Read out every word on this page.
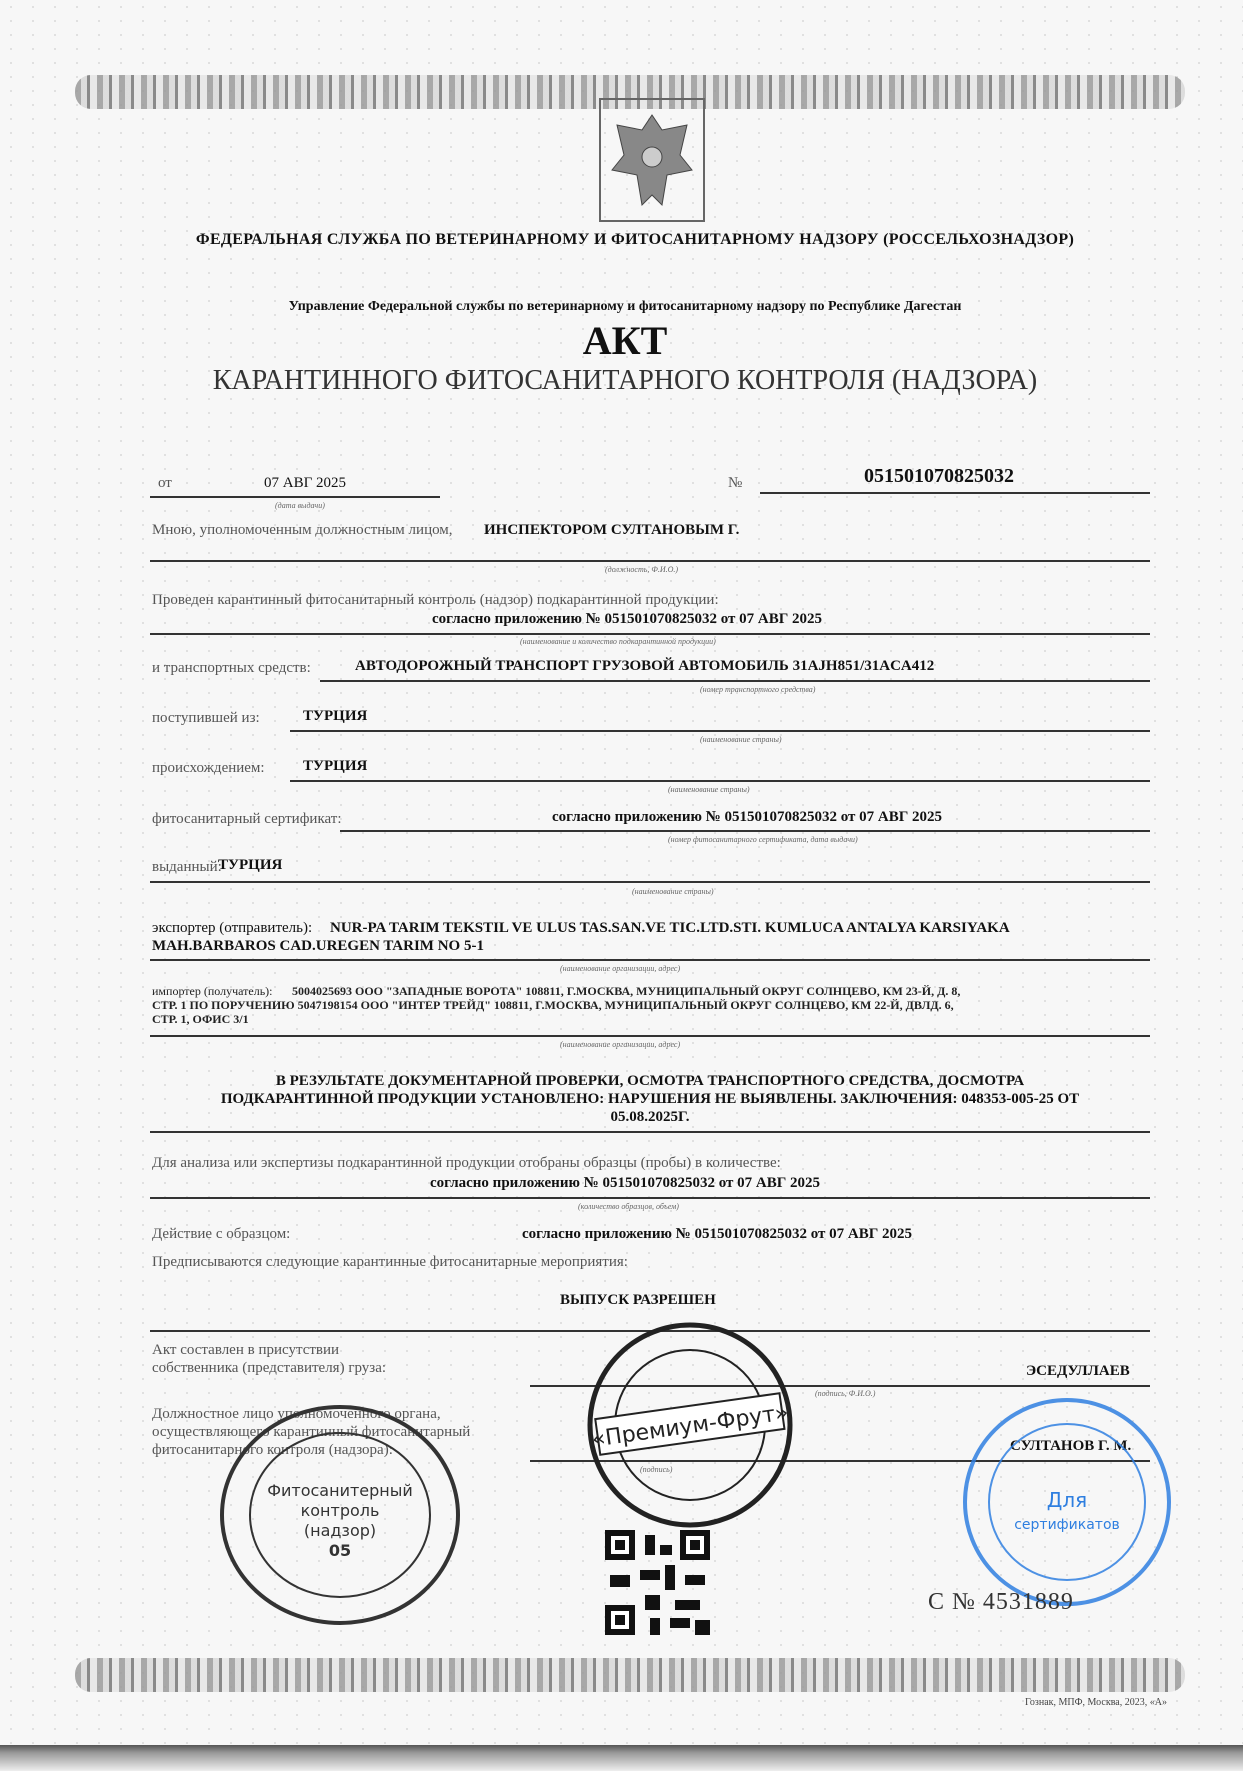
ФЕДЕРАЛЬНАЯ СЛУЖБА ПО ВЕТЕРИНАРНОМУ И ФИТОСАНИТАРНОМУ НАДЗОРУ (РОССЕЛЬХОЗНАДЗОР)
Управление Федеральной службы по ветеринарному и фитосанитарному надзору по Республике Дагестан
АКТ
КАРАНТИННОГО ФИТОСАНИТАРНОГО КОНТРОЛЯ (НАДЗОРА)
от	07 АВГ 2025
(дата выдачи)
№	051501070825032
Мною, уполномоченным должностным лицом, ИНСПЕКТОРОМ СУЛТАНОВЫМ Г.
(должность, Ф.И.О.)
Проведен карантинный фитосанитарный контроль (надзор) подкарантинной продукции:
согласно приложению № 051501070825032 от 07 АВГ 2025
(наименование и количество подкарантинной продукции)
и транспортных средств:	АВТОДОРОЖНЫЙ ТРАНСПОРТ ГРУЗОВОЙ АВТОМОБИЛЬ 31AJH851/31ACA412
(номер транспортного средства)
поступившей из:	ТУРЦИЯ
(наименование страны)
происхождением:	ТУРЦИЯ
(наименование страны)
фитосанитарный сертификат:	согласно приложению № 051501070825032 от 07 АВГ 2025
(номер фитосанитарного сертификата, дата выдачи)
выданный:
ТУРЦИЯ
(наименование страны)
экспортер (отправитель): NUR-PA TARIM TEKSTIL VE ULUS TAS.SAN.VE TIC.LTD.STI. KUMLUCA ANTALYA KARSIYAKA
MAH.BARBAROS CAD.UREGEN TARIM NO 5-1
(наименование организации, адрес)
импортер (получатель): 5004025693 ООО "ЗАПАДНЫЕ ВОРОТА" 108811, Г.МОСКВА, МУНИЦИПАЛЬНЫЙ ОКРУГ СОЛНЦЕВО, КМ 23-Й, Д. 8,
СТР. 1 ПО ПОРУЧЕНИЮ 5047198154 ООО "ИНТЕР ТРЕЙД" 108811, Г.МОСКВА, МУНИЦИПАЛЬНЫЙ ОКРУГ СОЛНЦЕВО, КМ 22-Й, ДВЛД. 6,
СТР. 1, ОФИС 3/1
(наименование организации, адрес)
В РЕЗУЛЬТАТЕ ДОКУМЕНТАРНОЙ ПРОВЕРКИ, ОСМОТРА ТРАНСПОРТНОГО СРЕДСТВА, ДОСМОТРА
ПОДКАРАНТИННОЙ ПРОДУКЦИИ УСТАНОВЛЕНО: НАРУШЕНИЯ НЕ ВЫЯВЛЕНЫ. ЗАКЛЮЧЕНИЯ: 048353-005-25 ОТ
05.08.2025Г.
Для анализа или экспертизы подкарантинной продукции отобраны образцы (пробы) в количестве:
согласно приложению № 051501070825032 от 07 АВГ 2025
(количество образцов, объем)
Действие с образцом:	согласно приложению № 051501070825032 от 07 АВГ 2025
Предписываются следующие карантинные фитосанитарные мероприятия:
ВЫПУСК РАЗРЕШЕН
Акт составлен в присутствии
собственника (представителя) груза:	ЭСЕДУЛЛАЕВ
(подпись, Ф.И.О.)
Должностное лицо уполномоченного органа,
осуществляющего карантинный фитосанитарный
фитосанитарного контроля (надзора):	СУЛТАНОВ Г. М.
(подпись)
Фитосанитерный
контроль
(надзор)
05
«Премиум-Фрут»
Для
сертификатов
С № 4531889
Гознак, МПФ, Москва, 2023, «А»
